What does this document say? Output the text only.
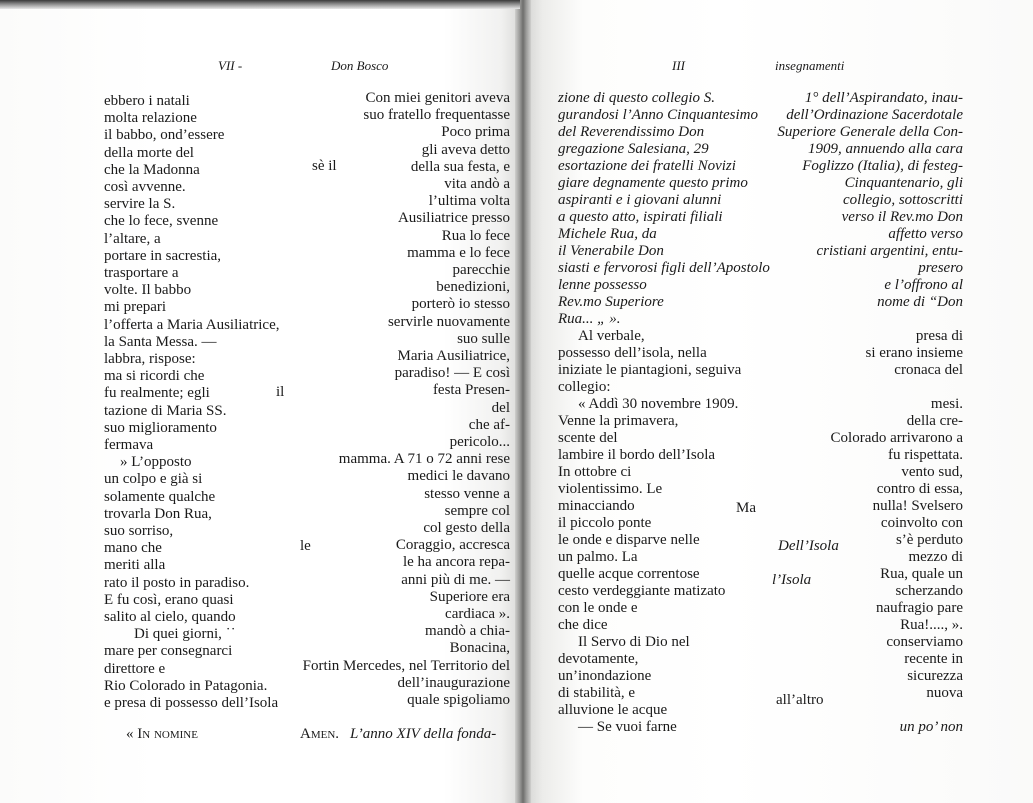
VII -	Don Bosco
ebbero i natali
molta relazione
il babbo, ond’essere
della morte del
che la Madonna
così avvenne.
servire la S.
che lo fece, svenne
l’altare, a
portare in sacrestia,
trasportare a
volte. Il babbo
mi prepari
l’offerta a Maria Ausiliatrice,
la Santa Messa. —
labbra, rispose:
ma si ricordi che
fu realmente; egli
tazione di Maria SS.
suo miglioramento
fermava
» L’opposto
un colpo e già si
solamente qualche
trovarla Don Rua,
suo sorriso,
mano che
meriti alla
rato il posto in paradiso.
E fu così, erano quasi
salito al cielo, quando
Di quei giorni, ˙˙
mare per consegnarci
direttore e
Rio Colorado in Patagonia.
e presa di possesso dell’Isola
Con miei genitori aveva
suo fratello frequentasse
Poco prima
gli aveva detto
della sua festa, e
vita andò a
l’ultima volta
Ausiliatrice presso
Rua lo fece
mamma e lo fece
parecchie
benedizioni,
porterò io stesso
servirle nuovamente
suo sulle
Maria Ausiliatrice,
paradiso! — E così
festa Presen-
del
che af-
pericolo...
mamma. A 71 o 72 anni rese
medici le davano
stesso venne a
sempre col
col gesto della
Coraggio, accresca
le ha ancora repa-
anni più di me. —
Superiore era
cardiaca ».
mandò a chia-
Bonacina,
Fortin Mercedes, nel Territorio del
dell’inaugurazione
quale spigoliamo
sè il
il
le
« In nomine	Amen. L’anno XIV della fonda-
III	insegnamenti
zione di questo collegio S.
gurandosi l’Anno Cinquantesimo
del Reverendissimo Don
gregazione Salesiana, 29
esortazione dei fratelli Novizi
giare degnamente questo primo
aspiranti e i giovani alunni
a questo atto, ispirati filiali
Michele Rua, da
il Venerabile Don
siasti e fervorosi figli dell’Apostolo
lenne possesso
Rev.mo Superiore
Rua... „ ».
Al verbale,
possesso dell’isola, nella
iniziate le piantagioni, seguiva
collegio:
« Addì 30 novembre 1909.
Venne la primavera,
scente del
lambire il bordo dell’Isola
In ottobre ci
violentissimo. Le
minacciando
il piccolo ponte
le onde e disparve nelle
un palmo. La
quelle acque correntose
cesto verdeggiante matizato
con le onde e
che dice
Il Servo di Dio nel
devotamente,
un’inondazione
di stabilità, e
alluvione le acque
— Se vuoi farne
1° dell’Aspirandato, inau-
dell’Ordinazione Sacerdotale
Superiore Generale della Con-
1909, annuendo alla cara
Foglizzo (Italia), di festeg-
Cinquantenario, gli
collegio, sottoscritti
verso il Rev.mo Don
affetto verso
cristiani argentini, entu-
presero
e l’offrono al
nome di “Don
presa di
si erano insieme
cronaca del
mesi.
della cre-
Colorado arrivarono a
fu rispettata.
vento sud,
contro di essa,
nulla! Svelsero
coinvolto con
s’è perduto
mezzo di
Rua, quale un
scherzando
naufragio pare
Rua!...., ».
conserviamo
recente in
sicurezza
nuova
un po’ non
Ma
Dell’Isola
l’Isola
all’altro
